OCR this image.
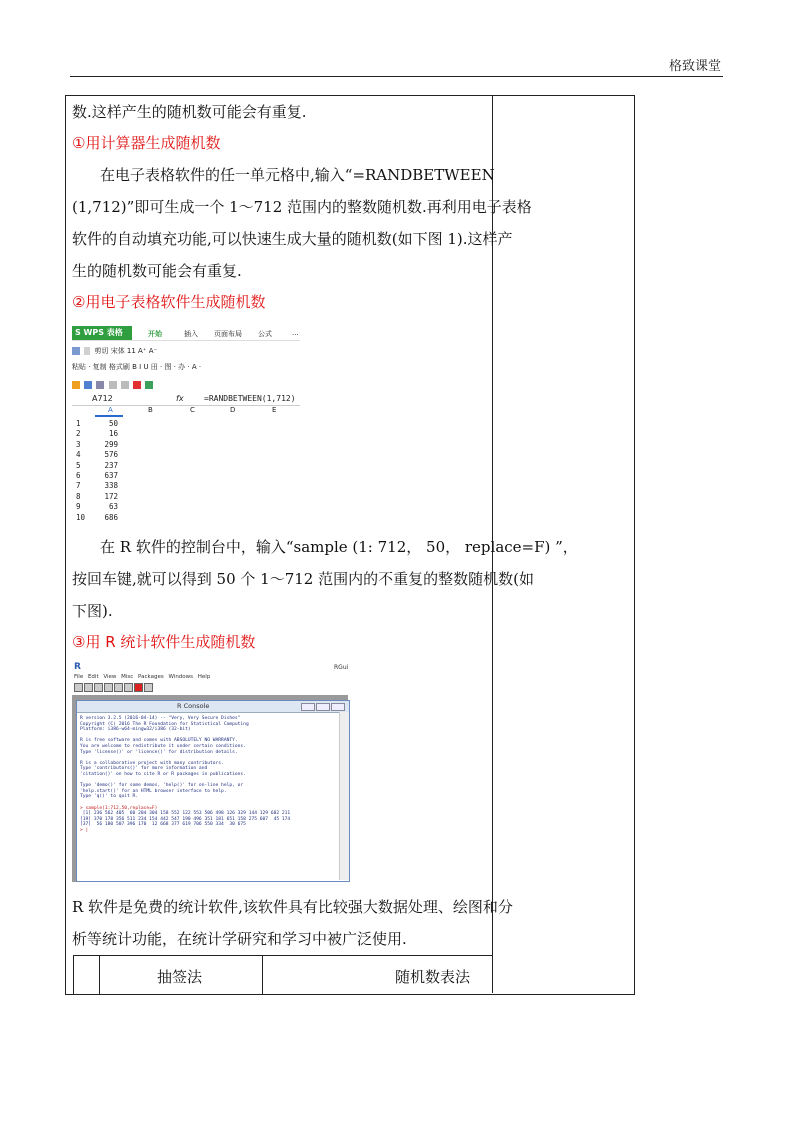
格致课堂
数.这样产生的随机数可能会有重复.
①用计算器生成随机数
在电子表格软件的任一单元格中,输入“=RANDBETWEEN
(1,712)”即可生成一个 1～712 范围内的整数随机数.再利用电子表格
软件的自动填充功能,可以快速生成大量的随机数(如下图 1).这样产
生的随机数可能会有重复.
②用电子表格软件生成随机数
S WPS 表格	开始	插入 页面布局 公式	...
剪切 宋体 11 A⁺ A⁻
粘贴 · 复制 格式刷 B I U 田 · 图 · 办 · A ·

A712	fx	=RANDBETWEEN(1,712)
A	B	C	D	E
1	50
2	16
3	299
4	576
5	237
6	637
7	338
8	172
9	63
10	686
在 R 软件的控制台中，输入“sample (1: 712， 50， replace=F) ”，
按回车键,就可以得到 50 个 1～712 范围内的不重复的整数随机数(如
下图).
③用 R 统计软件生成随机数
R	RGui
File Edit View Misc Packages Windows Help
R Console
R version 3.2.5 (2016-04-14) -- "Very, Very Secure Dishes"
Copyright (C) 2016 The R Foundation for Statistical Computing
Platform: i386-w64-mingw32/i386 (32-bit)

R is free software and comes with ABSOLUTELY NO WARRANTY.
You are welcome to redistribute it under certain conditions.
Type 'license()' or 'licence()' for distribution details.

R is a collaborative project with many contributors.
Type 'contributors()' for more information and
'citation()' on how to cite R or R packages in publications.

Type 'demo()' for some demos, 'help()' for on-line help, or
'help.start()' for an HTML browser interface to help.
Type 'q()' to quit R.

> sample(1:712,50,replace=F)
[1] 236 562 405  60 204 304 158 552 122 553 506 498 126 329 144 129 682 211
[19] 370 178 356 511 234 154 442 547 190 496 351 181 651 158 275 607  45 174
[37]  56 180 507 396 170  12 668 377 619 706 550 334  30 675
> |
R 软件是免费的统计软件,该软件具有比较强大数据处理、绘图和分
析等统计功能，在统计学研究和学习中被广泛使用.
抽签法	随机数表法
